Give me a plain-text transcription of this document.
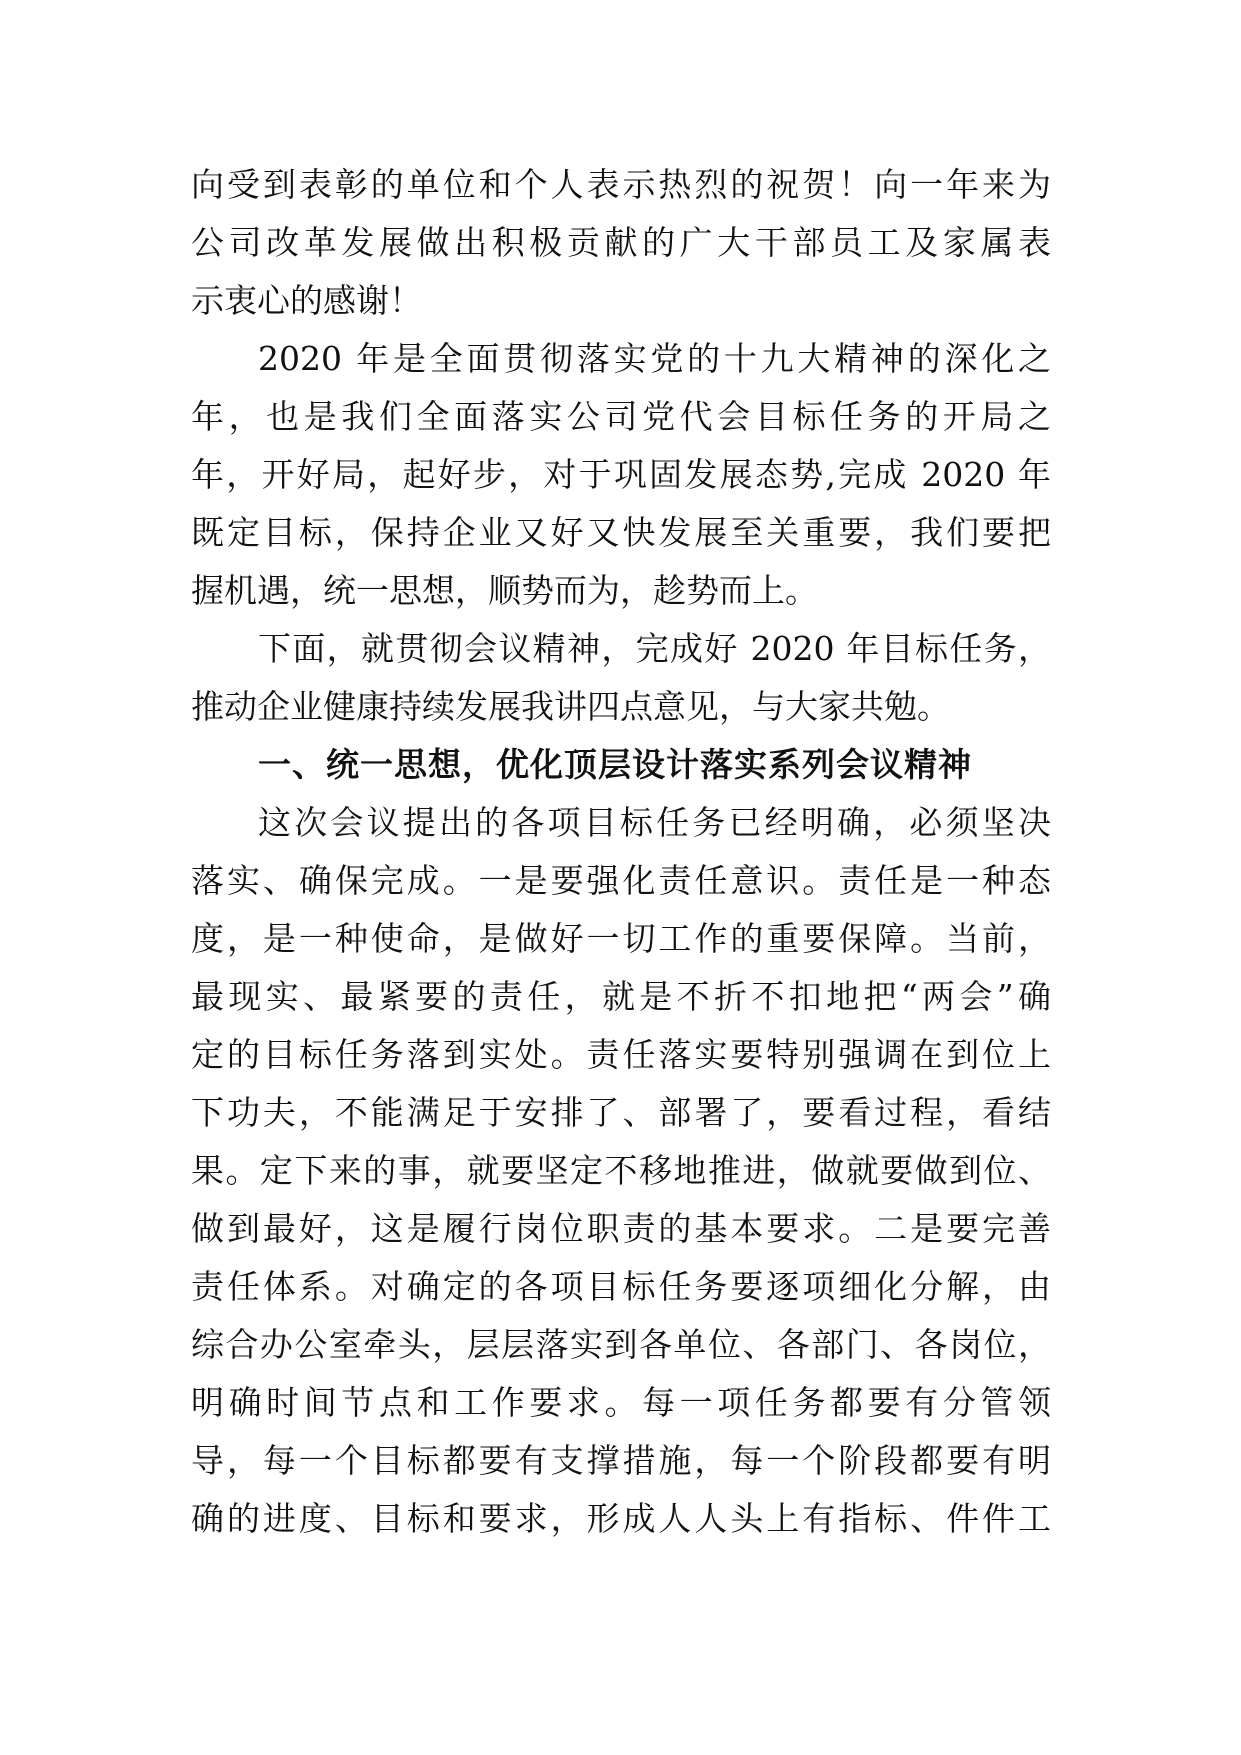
向受到表彰的单位和个人表示热烈的祝贺！向一年来为
公司改革发展做出积极贡献的广大干部员工及家属表
示衷心的感谢！
2020 年是全面贯彻落实党的十九大精神的深化之
年，也是我们全面落实公司党代会目标任务的开局之
年，开好局，起好步，对于巩固发展态势,完成 2020 年
既定目标，保持企业又好又快发展至关重要，我们要把
握机遇，统一思想，顺势而为，趁势而上。
下面，就贯彻会议精神，完成好 2020 年目标任务，
推动企业健康持续发展我讲四点意见，与大家共勉。
一、统一思想，优化顶层设计落实系列会议精神
这次会议提出的各项目标任务已经明确，必须坚决
落实、确保完成。一是要强化责任意识。责任是一种态
度，是一种使命，是做好一切工作的重要保障。当前，
最现实、最紧要的责任，就是不折不扣地把“两会”确
定的目标任务落到实处。责任落实要特别强调在到位上
下功夫，不能满足于安排了、部署了，要看过程，看结
果。定下来的事，就要坚定不移地推进，做就要做到位、
做到最好，这是履行岗位职责的基本要求。二是要完善
责任体系。对确定的各项目标任务要逐项细化分解，由
综合办公室牵头，层层落实到各单位、各部门、各岗位，
明确时间节点和工作要求。每一项任务都要有分管领
导，每一个目标都要有支撑措施，每一个阶段都要有明
确的进度、目标和要求，形成人人头上有指标、件件工
